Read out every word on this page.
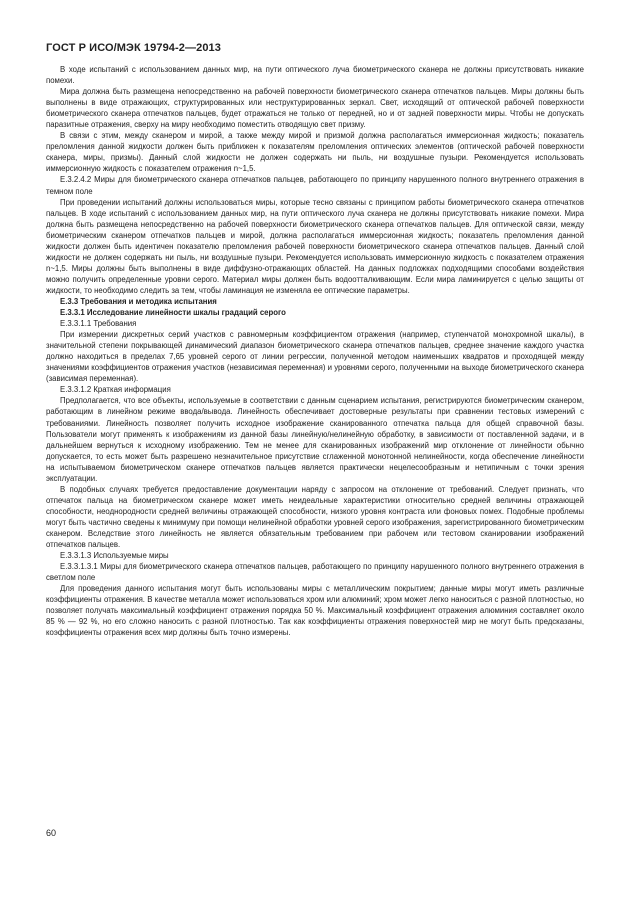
ГОСТ Р ИСО/МЭК 19794-2—2013

В ходе испытаний с использованием данных мир, на пути оптического луча биометрического сканера не должны присутствовать никакие помехи.

Мира должна быть размещена непосредственно на рабочей поверхности биометрического сканера отпечатков пальцев. Миры должны быть выполнены в виде отражающих, структурированных или неструктурированных зеркал. Свет, исходящий от оптической рабочей поверхности биометрического сканера отпечатков пальцев, будет отражаться не только от передней, но и от задней поверхности миры. Чтобы не допускать паразитные отражения, сверху на миру необходимо поместить отводящую свет призму.

В связи с этим, между сканером и мирой, а также между мирой и призмой должна располагаться иммерсионная жидкость; показатель преломления данной жидкости должен быть приближен к показателям преломления оптических элементов (оптической рабочей поверхности сканера, миры, призмы). Данный слой жидкости не должен содержать ни пыль, ни воздушные пузыри. Рекомендуется использовать иммерсионную жидкость с показателем отражения n~1,5.

Е.3.2.4.2 Миры для биометрического сканера отпечатков пальцев, работающего по принципу нарушенного полного внутреннего отражения в темном поле

При проведении испытаний должны использоваться миры, которые тесно связаны с принципом работы биометрического сканера отпечатков пальцев. В ходе испытаний с использованием данных мир, на пути оптического луча сканера не должны присутствовать никакие помехи. Мира должна быть размещена непосредственно на рабочей поверхности биометрического сканера отпечатков пальцев. Для оптической связи, между биометрическим сканером отпечатков пальцев и мирой, должна располагаться иммерсионная жидкость; показатель преломления данной жидкости должен быть идентичен показателю преломления рабочей поверхности биометрического сканера отпечатков пальцев. Данный слой жидкости не должен содержать ни пыль, ни воздушные пузыри. Рекомендуется использовать иммерсионную жидкость с показателем отражения n~1,5. Миры должны быть выполнены в виде диффузно-отражающих областей. На данных подложках подходящими способами воздействия можно получить определенные уровни серого. Материал миры должен быть водоотталкивающим. Если мира ламинируется с целью защиты от жидкости, то необходимо следить за тем, чтобы ламинация не изменяла ее оптические параметры.

Е.3.3 Требования и методика испытания

Е.3.3.1 Исследование линейности шкалы градаций серого

Е.3.3.1.1 Требования

При измерении дискретных серий участков с равномерным коэффициентом отражения (например, ступенчатой монохромной шкалы), в значительной степени покрывающей динамический диапазон биометрического сканера отпечатков пальцев, среднее значение каждого участка должно находиться в пределах 7,65 уровней серого от линии регрессии, полученной методом наименьших квадратов и проходящей между значениями коэффициентов отражения участков (независимая переменная) и уровнями серого, полученными на выходе биометрического сканера (зависимая переменная).

Е.3.3.1.2 Краткая информация

Предполагается, что все объекты, используемые в соответствии с данным сценарием испытания, регистрируются биометрическим сканером, работающим в линейном режиме ввода/вывода. Линейность обеспечивает достоверные результаты при сравнении тестовых измерений с требованиями. Линейность позволяет получить исходное изображение сканированного отпечатка пальца для общей справочной базы. Пользователи могут применять к изображениям из данной базы линейную/нелинейную обработку, в зависимости от поставленной задачи, и в дальнейшем вернуться к исходному изображению. Тем не менее для сканированных изображений мир отклонение от линейности обычно допускается, то есть может быть разрешено незначительное присутствие сглаженной монотонной нелинейности, когда обеспечение линейности на испытываемом биометрическом сканере отпечатков пальцев является практически нецелесообразным и нетипичным с точки зрения эксплуатации.

В подобных случаях требуется предоставление документации наряду с запросом на отклонение от требований. Следует признать, что отпечаток пальца на биометрическом сканере может иметь неидеальные характеристики относительно средней величины отражающей способности, неоднородности средней величины отражающей способности, низкого уровня контраста или фоновых помех. Подобные проблемы могут быть частично сведены к минимуму при помощи нелинейной обработки уровней серого изображения, зарегистрированного биометрическим сканером. Вследствие этого линейность не является обязательным требованием при рабочем или тестовом сканировании изображений отпечатков пальцев.

Е.3.3.1.3 Используемые миры

Е.3.3.1.3.1 Миры для биометрического сканера отпечатков пальцев, работающего по принципу нарушенного полного внутреннего отражения в светлом поле

Для проведения данного испытания могут быть использованы миры с металлическим покрытием; данные миры могут иметь различные коэффициенты отражения. В качестве металла может использоваться хром или алюминий; хром может легко наноситься с разной плотностью, но позволяет получать максимальный коэффициент отражения порядка 50 %. Максимальный коэффициент отражения алюминия составляет около 85 % — 92 %, но его сложно наносить с разной плотностью. Так как коэффициенты отражения поверхностей мир не могут быть предсказаны, коэффициенты отражения всех мир должны быть точно измерены.

60
